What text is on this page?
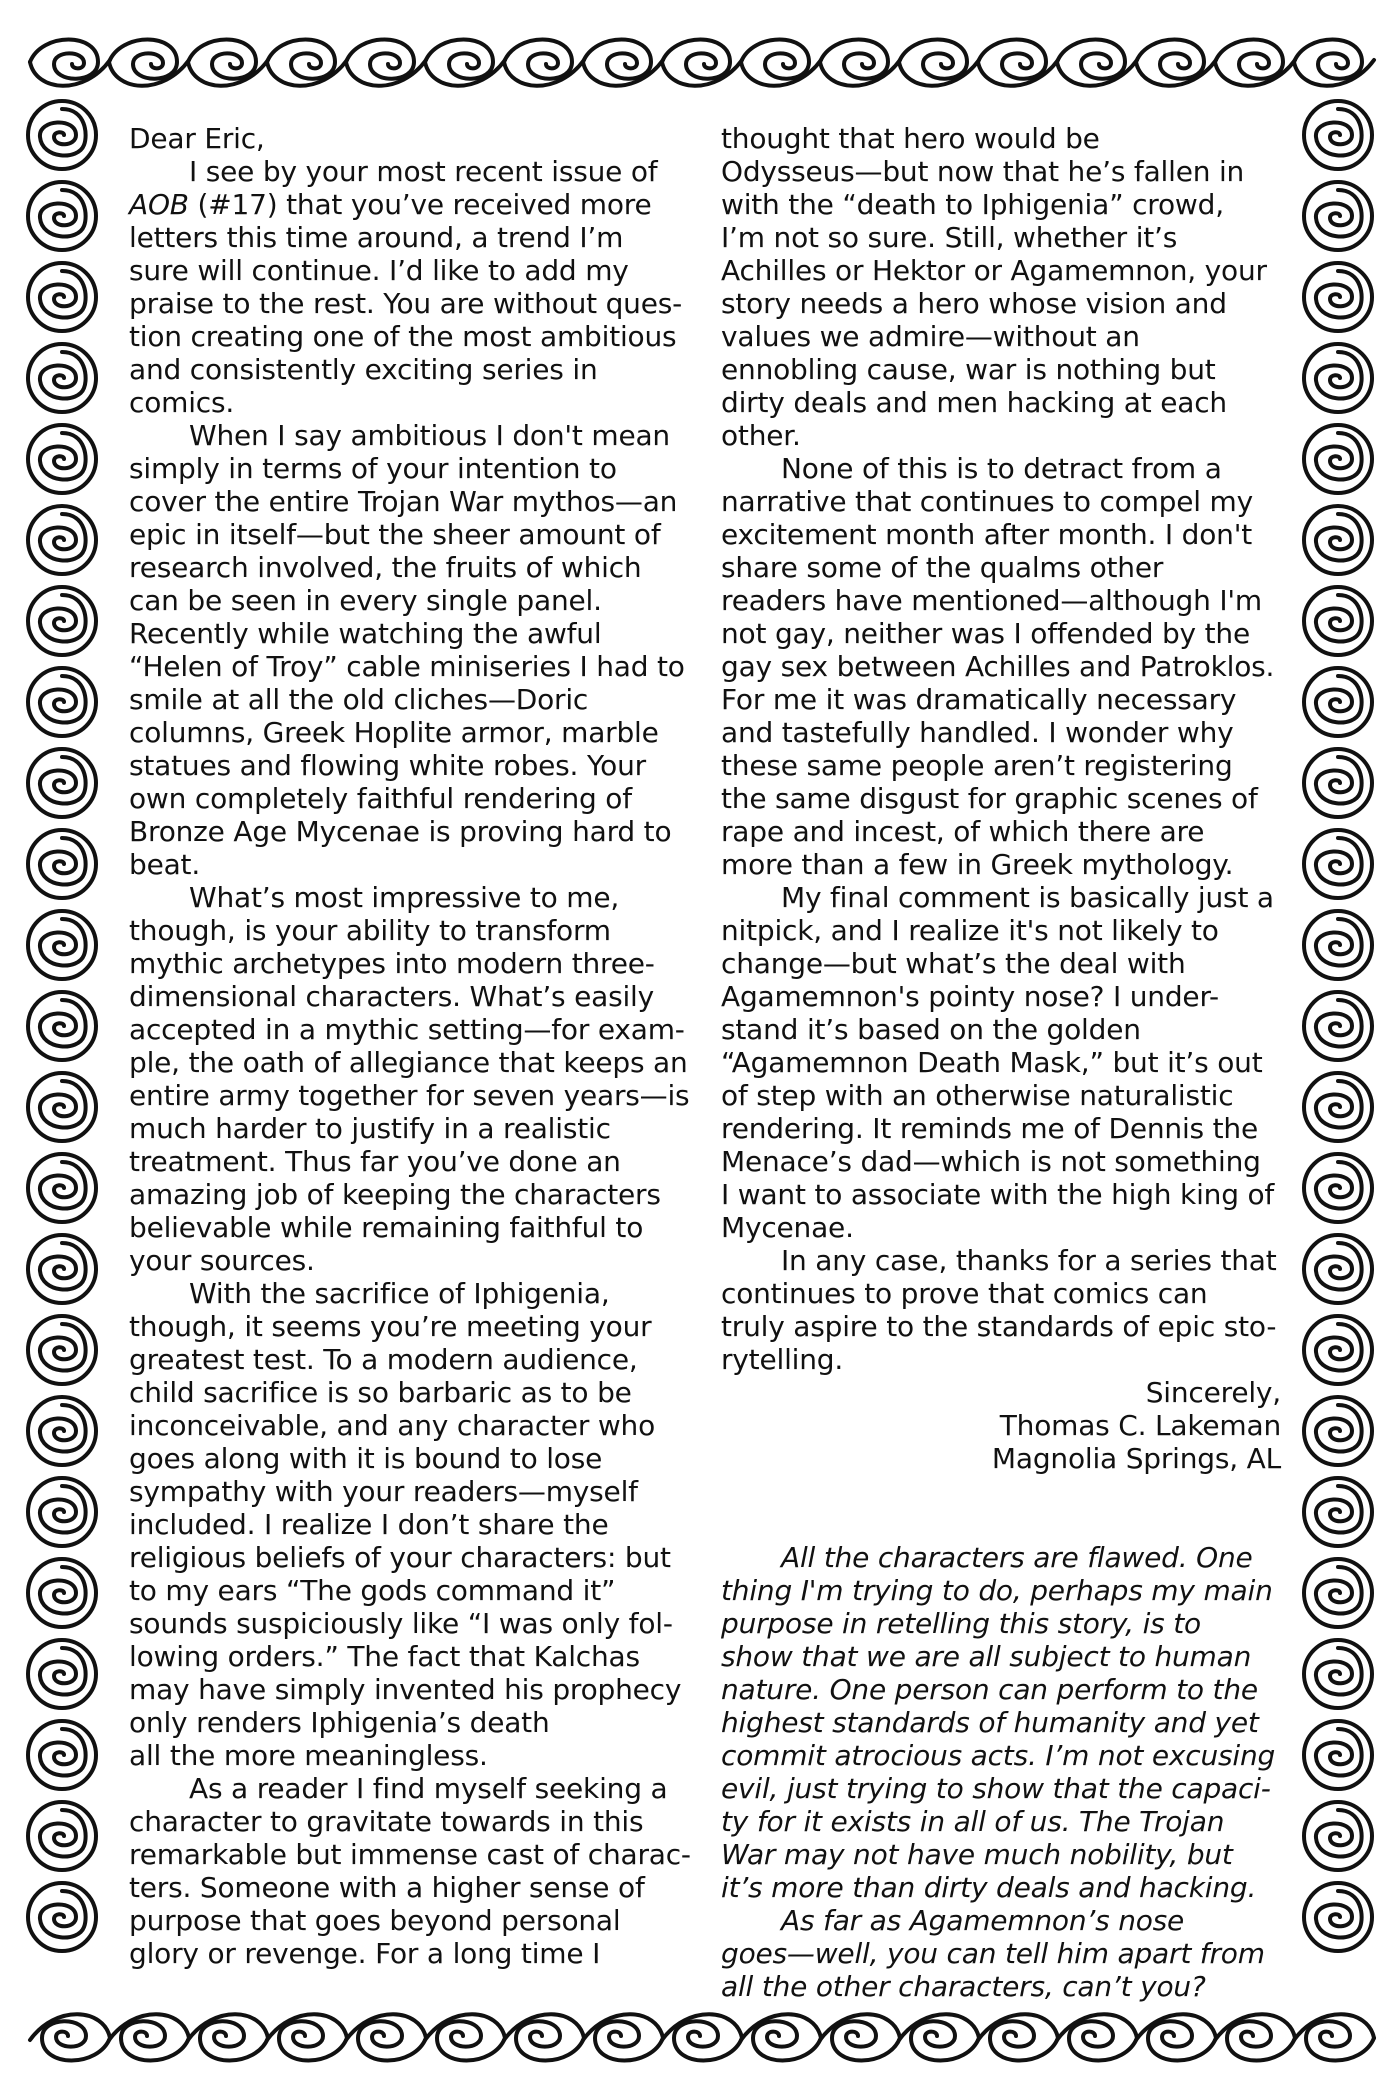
Dear Eric,
I see by your most recent issue of
AOB (#17) that you’ve received more
letters this time around, a trend I’m
sure will continue. I’d like to add my
praise to the rest. You are without ques-
tion creating one of the most ambitious
and consistently exciting series in
comics.
When I say ambitious I don't mean
simply in terms of your intention to
cover the entire Trojan War mythos—an
epic in itself—but the sheer amount of
research involved, the fruits of which
can be seen in every single panel.
Recently while watching the awful
“Helen of Troy” cable miniseries I had to
smile at all the old cliches—Doric
columns, Greek Hoplite armor, marble
statues and flowing white robes. Your
own completely faithful rendering of
Bronze Age Mycenae is proving hard to
beat.
What’s most impressive to me,
though, is your ability to transform
mythic archetypes into modern three-
dimensional characters. What’s easily
accepted in a mythic setting—for exam-
ple, the oath of allegiance that keeps an
entire army together for seven years—is
much harder to justify in a realistic
treatment. Thus far you’ve done an
amazing job of keeping the characters
believable while remaining faithful to
your sources.
With the sacrifice of Iphigenia,
though, it seems you’re meeting your
greatest test. To a modern audience,
child sacrifice is so barbaric as to be
inconceivable, and any character who
goes along with it is bound to lose
sympathy with your readers—myself
included. I realize I don’t share the
religious beliefs of your characters: but
to my ears “The gods command it”
sounds suspiciously like “I was only fol-
lowing orders.” The fact that Kalchas
may have simply invented his prophecy
only renders Iphigenia’s death
all the more meaningless.
As a reader I find myself seeking a
character to gravitate towards in this
remarkable but immense cast of charac-
ters. Someone with a higher sense of
purpose that goes beyond personal
glory or revenge. For a long time I
thought that hero would be
Odysseus—but now that he’s fallen in
with the “death to Iphigenia” crowd,
I’m not so sure. Still, whether it’s
Achilles or Hektor or Agamemnon, your
story needs a hero whose vision and
values we admire—without an
ennobling cause, war is nothing but
dirty deals and men hacking at each
other.
None of this is to detract from a
narrative that continues to compel my
excitement month after month. I don't
share some of the qualms other
readers have mentioned—although I'm
not gay, neither was I offended by the
gay sex between Achilles and Patroklos.
For me it was dramatically necessary
and tastefully handled. I wonder why
these same people aren’t registering
the same disgust for graphic scenes of
rape and incest, of which there are
more than a few in Greek mythology.
My final comment is basically just a
nitpick, and I realize it's not likely to
change—but what’s the deal with
Agamemnon's pointy nose? I under-
stand it’s based on the golden
“Agamemnon Death Mask,” but it’s out
of step with an otherwise naturalistic
rendering. It reminds me of Dennis the
Menace’s dad—which is not something
I want to associate with the high king of
Mycenae.
In any case, thanks for a series that
continues to prove that comics can
truly aspire to the standards of epic sto-
rytelling.
Sincerely,
Thomas C. Lakeman
Magnolia Springs, AL
All the characters are flawed. One
thing I'm trying to do, perhaps my main
purpose in retelling this story, is to
show that we are all subject to human
nature. One person can perform to the
highest standards of humanity and yet
commit atrocious acts. I’m not excusing
evil, just trying to show that the capaci-
ty for it exists in all of us. The Trojan
War may not have much nobility, but
it’s more than dirty deals and hacking.
As far as Agamemnon’s nose
goes—well, you can tell him apart from
all the other characters, can’t you?
